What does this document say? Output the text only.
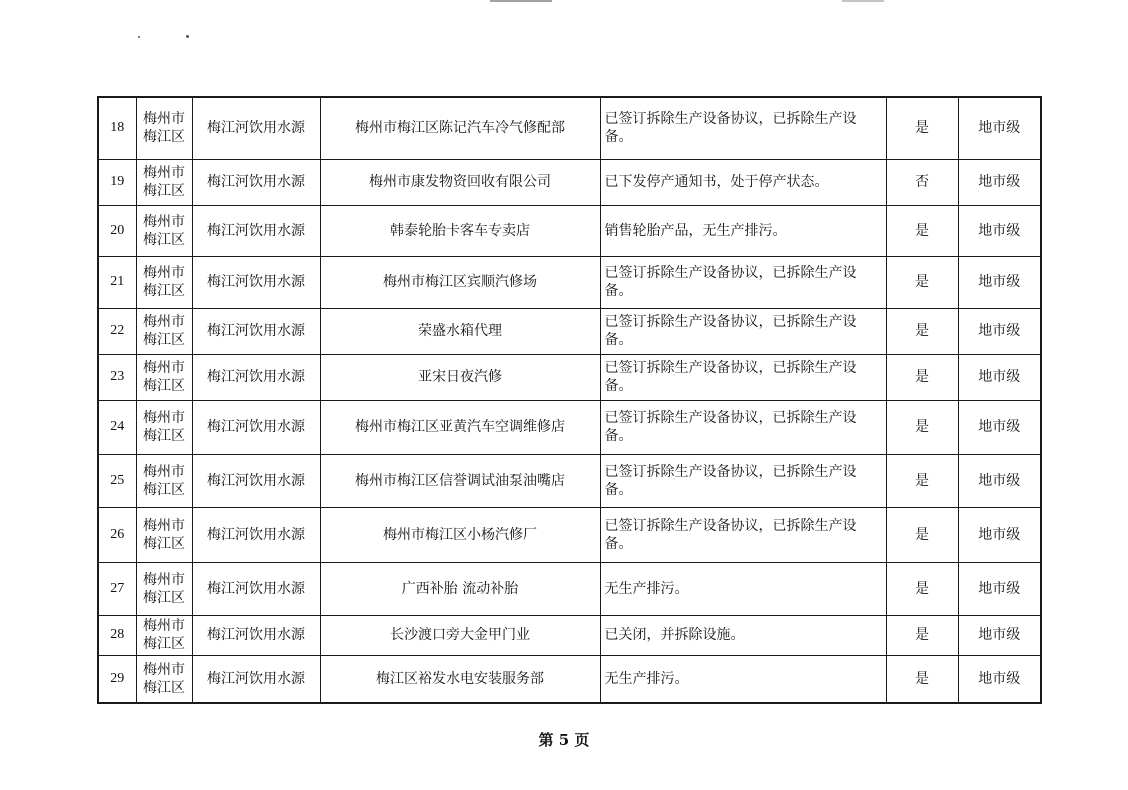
18	梅州市梅江区	梅江河饮用水源	梅州市梅江区陈记汽车冷气修配部	已签订拆除生产设备协议，已拆除生产设备。	是	地市级
19	梅州市梅江区	梅江河饮用水源	梅州市康发物资回收有限公司	已下发停产通知书，处于停产状态。	否	地市级
20	梅州市梅江区	梅江河饮用水源	韩泰轮胎卡客车专卖店	销售轮胎产品，无生产排污。	是	地市级
21	梅州市梅江区	梅江河饮用水源	梅州市梅江区宾顺汽修场	已签订拆除生产设备协议，已拆除生产设备。	是	地市级
22	梅州市梅江区	梅江河饮用水源	荣盛水箱代理	已签订拆除生产设备协议，已拆除生产设备。	是	地市级
23	梅州市梅江区	梅江河饮用水源	亚宋日夜汽修	已签订拆除生产设备协议，已拆除生产设备。	是	地市级
24	梅州市梅江区	梅江河饮用水源	梅州市梅江区亚黄汽车空调维修店	已签订拆除生产设备协议，已拆除生产设备。	是	地市级
25	梅州市梅江区	梅江河饮用水源	梅州市梅江区信誉调试油泵油嘴店	已签订拆除生产设备协议，已拆除生产设备。	是	地市级
26	梅州市梅江区	梅江河饮用水源	梅州市梅江区小杨汽修厂	已签订拆除生产设备协议，已拆除生产设备。	是	地市级
27	梅州市梅江区	梅江河饮用水源	广西补胎 流动补胎	无生产排污。	是	地市级
28	梅州市梅江区	梅江河饮用水源	长沙渡口旁大金甲门业	已关闭，并拆除设施。	是	地市级
29	梅州市梅江区	梅江河饮用水源	梅江区裕发水电安装服务部	无生产排污。	是	地市级
第 5 页
